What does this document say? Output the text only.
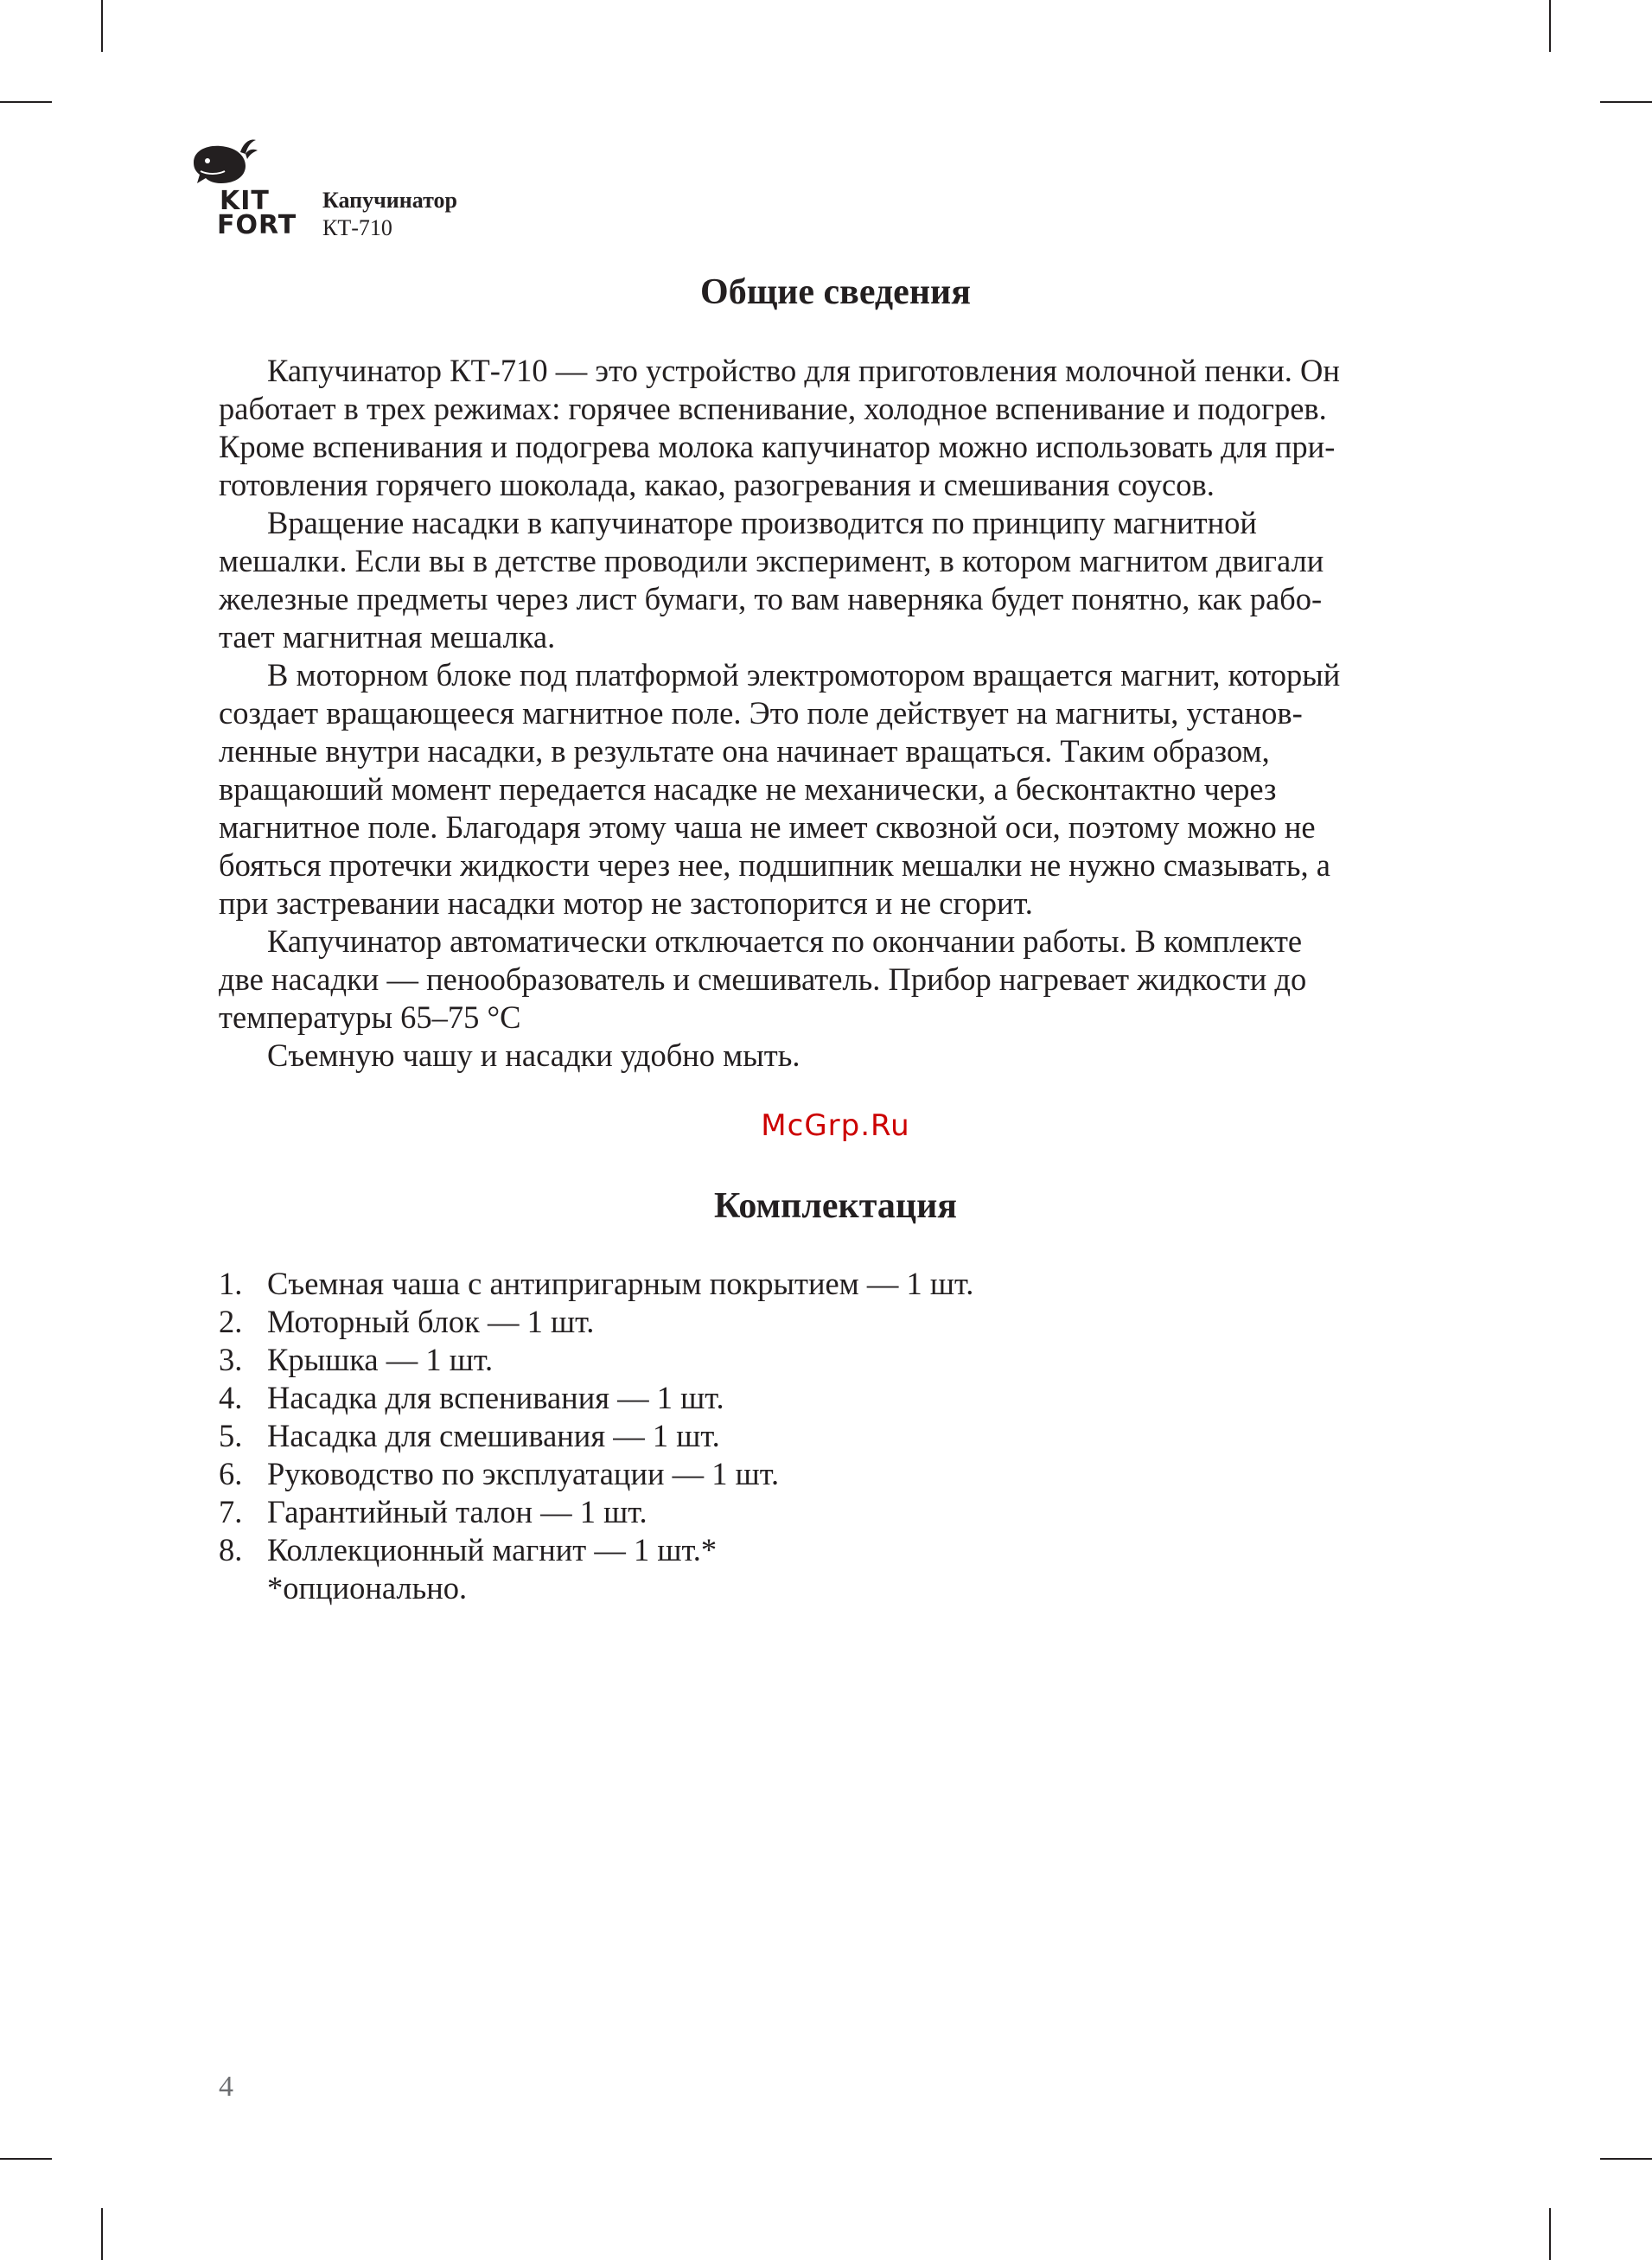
KIT
FORT
Капучинатор
КТ-710
Общие сведения
Капучинатор КТ-710 — это устройство для приготовления молочной пенки. Он
работает в трех режимах: горячее вспенивание, холодное вспенивание и подогрев.
Кроме вспенивания и подогрева молока капучинатор можно использовать для при-
готовления горячего шоколада, какао, разогревания и смешивания соусов.
Вращение насадки в капучинаторе производится по принципу магнитной
мешалки. Если вы в детстве проводили эксперимент, в котором магнитом двигали
железные предметы через лист бумаги, то вам наверняка будет понятно, как рабо-
тает магнитная мешалка.
В моторном блоке под платформой электромотором вращается магнит, который
создает вращающееся магнитное поле. Это поле действует на магниты, установ-
ленные внутри насадки, в результате она начинает вращаться. Таким образом,
вращаюший момент передается насадке не механически, а бесконтактно через
магнитное поле. Благодаря этому чаша не имеет сквозной оси, поэтому можно не
бояться протечки жидкости через нее, подшипник мешалки не нужно смазывать, а
при застревании насадки мотор не застопорится и не сгорит.
Капучинатор автоматически отключается по окончании работы. В комплекте
две насадки — пенообразователь и смешиватель. Прибор нагревает жидкости до
температуры 65–75 °C
Съемную чашу и насадки удобно мыть.
McGrp.Ru
Комплектация
1. Съемная чаша с антипригарным покрытием — 1 шт.
2. Моторный блок — 1 шт.
3. Крышка — 1 шт.
4. Насадка для вспенивания — 1 шт.
5. Насадка для смешивания — 1 шт.
6. Руководство по эксплуатации — 1 шт.
7. Гарантийный талон — 1 шт.
8. Коллекционный магнит — 1 шт.*
*опционально.
4
